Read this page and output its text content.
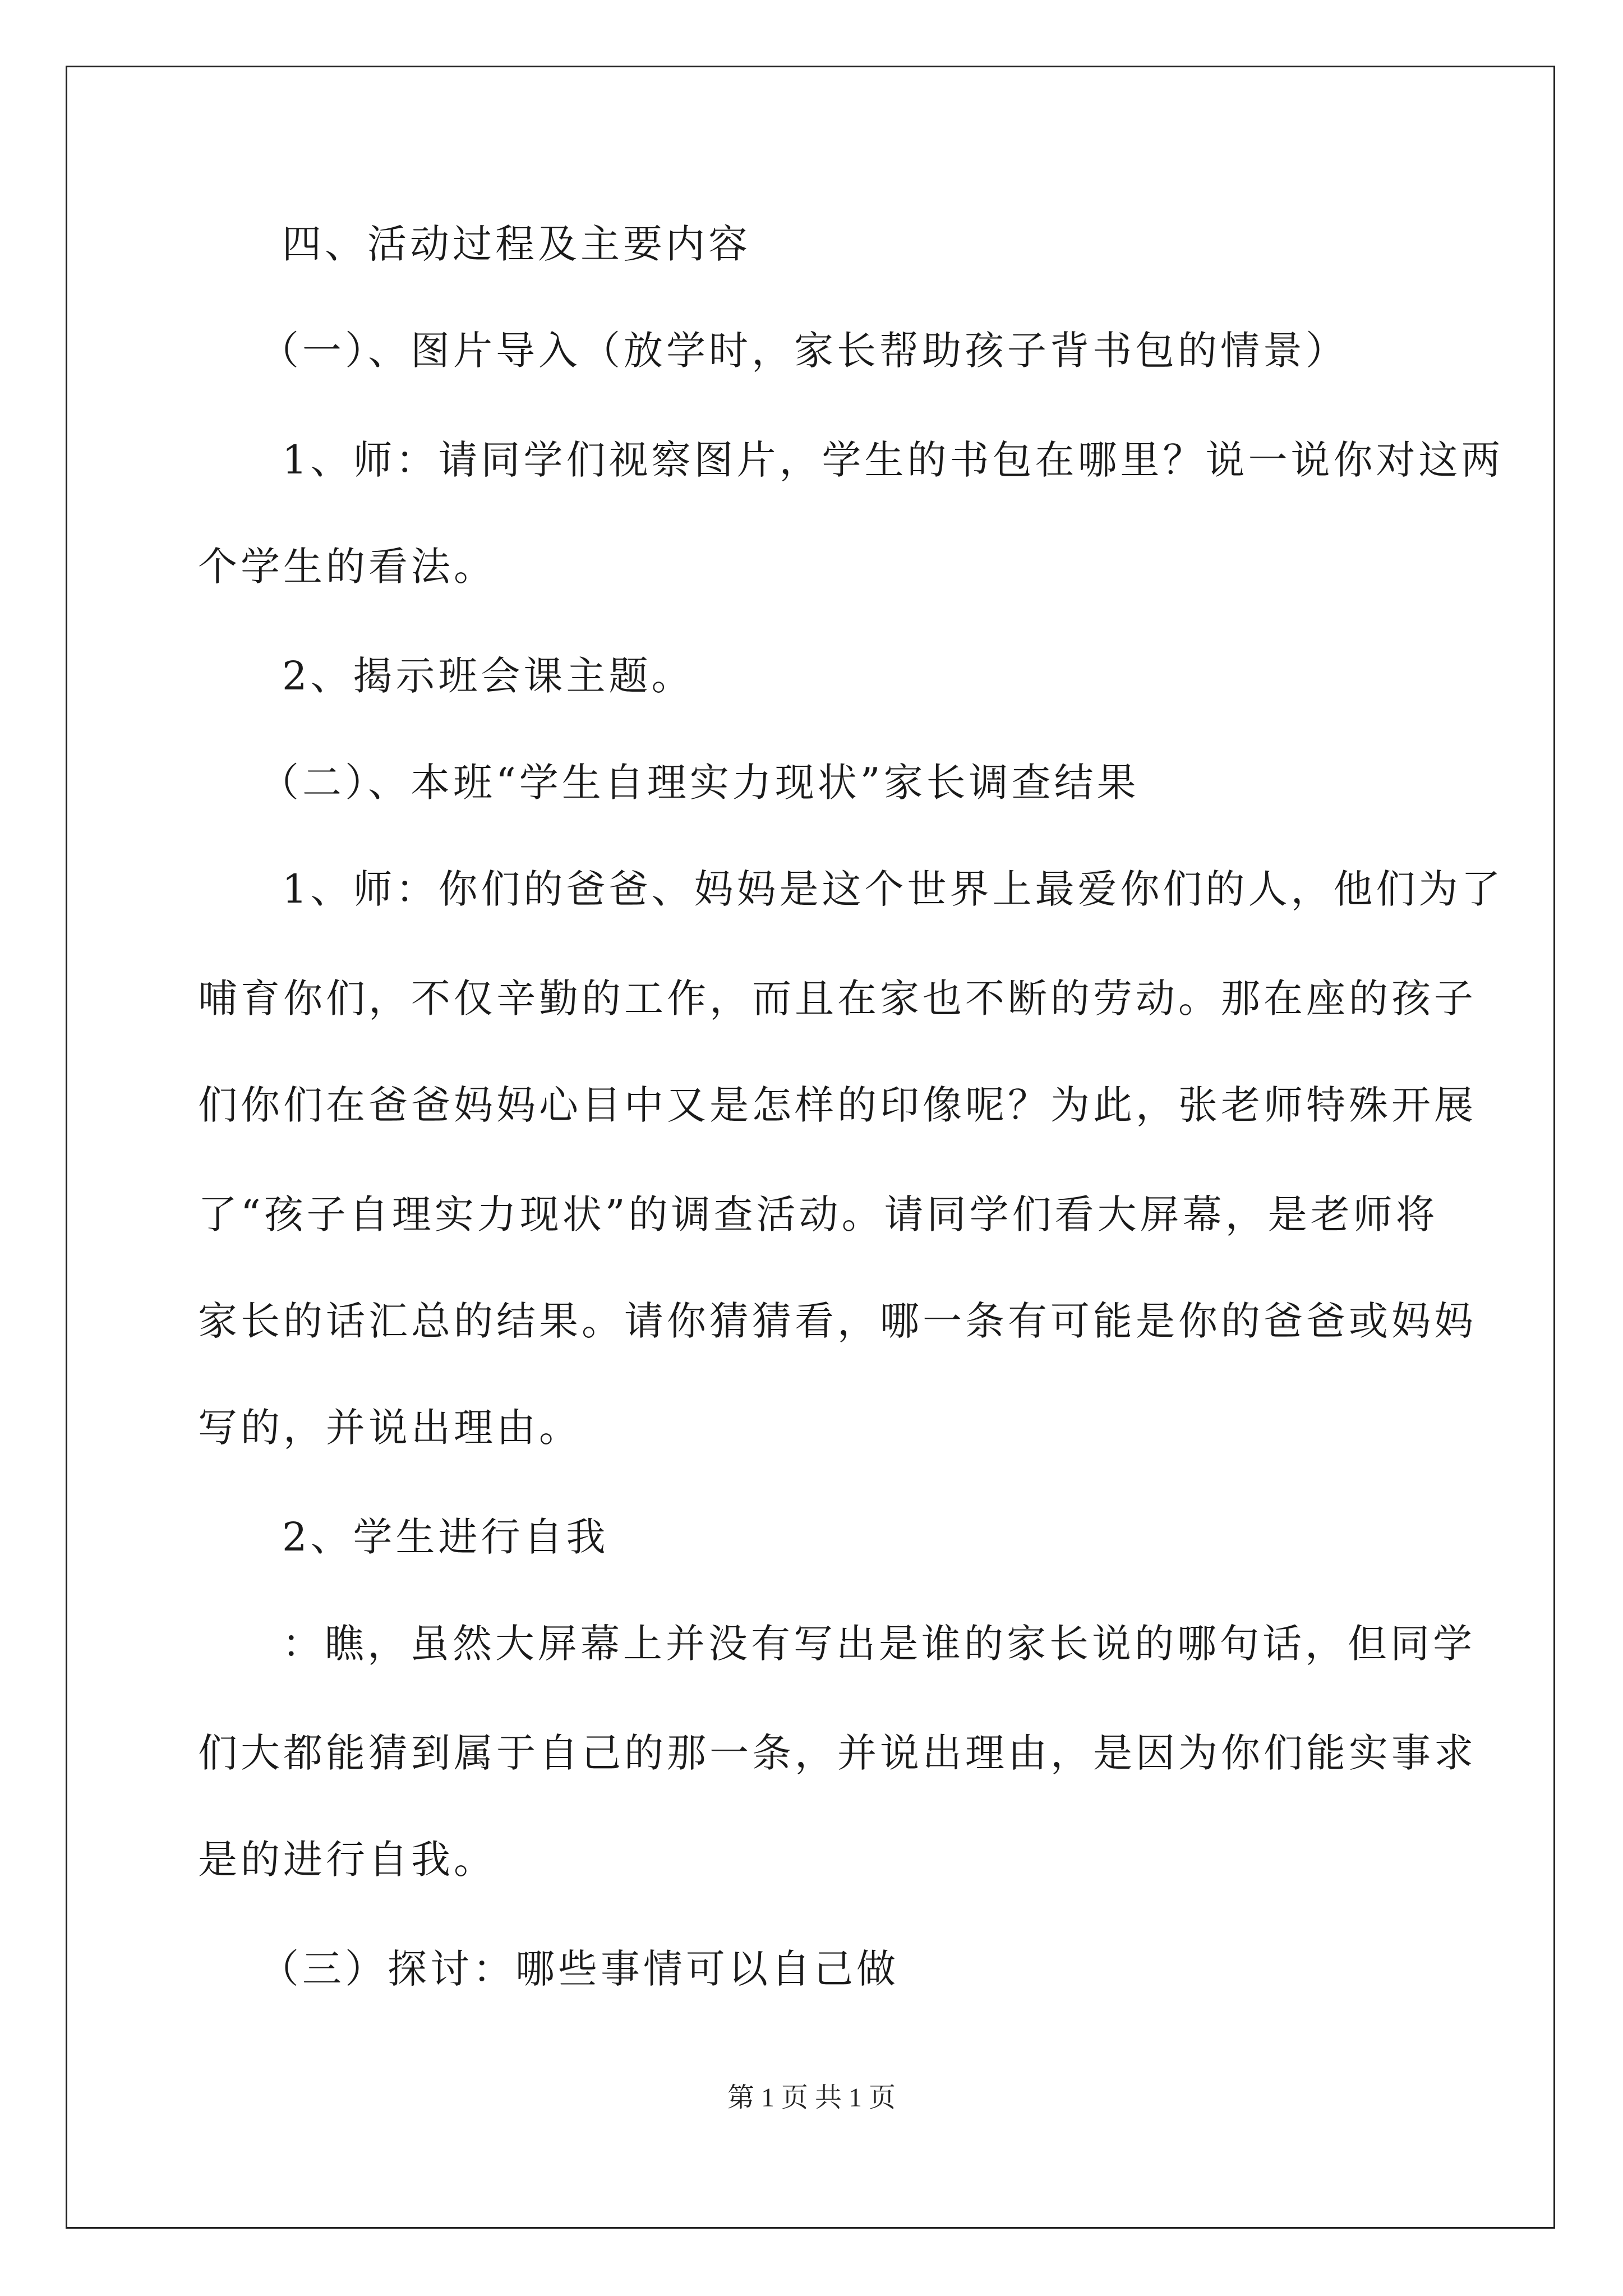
四、活动过程及主要内容
（一）、图片导入（放学时，家长帮助孩子背书包的情景）
1、师：请同学们视察图片，学生的书包在哪里？说一说你对这两
个学生的看法。
2、揭示班会课主题。
（二）、本班“学生自理实力现状”家长调查结果
1、师：你们的爸爸、妈妈是这个世界上最爱你们的人，他们为了
哺育你们，不仅辛勤的工作，而且在家也不断的劳动。那在座的孩子
们你们在爸爸妈妈心目中又是怎样的印像呢？为此，张老师特殊开展
了“孩子自理实力现状”的调查活动。请同学们看大屏幕，是老师将
家长的话汇总的结果。请你猜猜看，哪一条有可能是你的爸爸或妈妈
写的，并说出理由。
2、学生进行自我
：瞧，虽然大屏幕上并没有写出是谁的家长说的哪句话，但同学
们大都能猜到属于自己的那一条，并说出理由，是因为你们能实事求
是的进行自我。
（三）探讨：哪些事情可以自己做
第 1 页 共 1 页
